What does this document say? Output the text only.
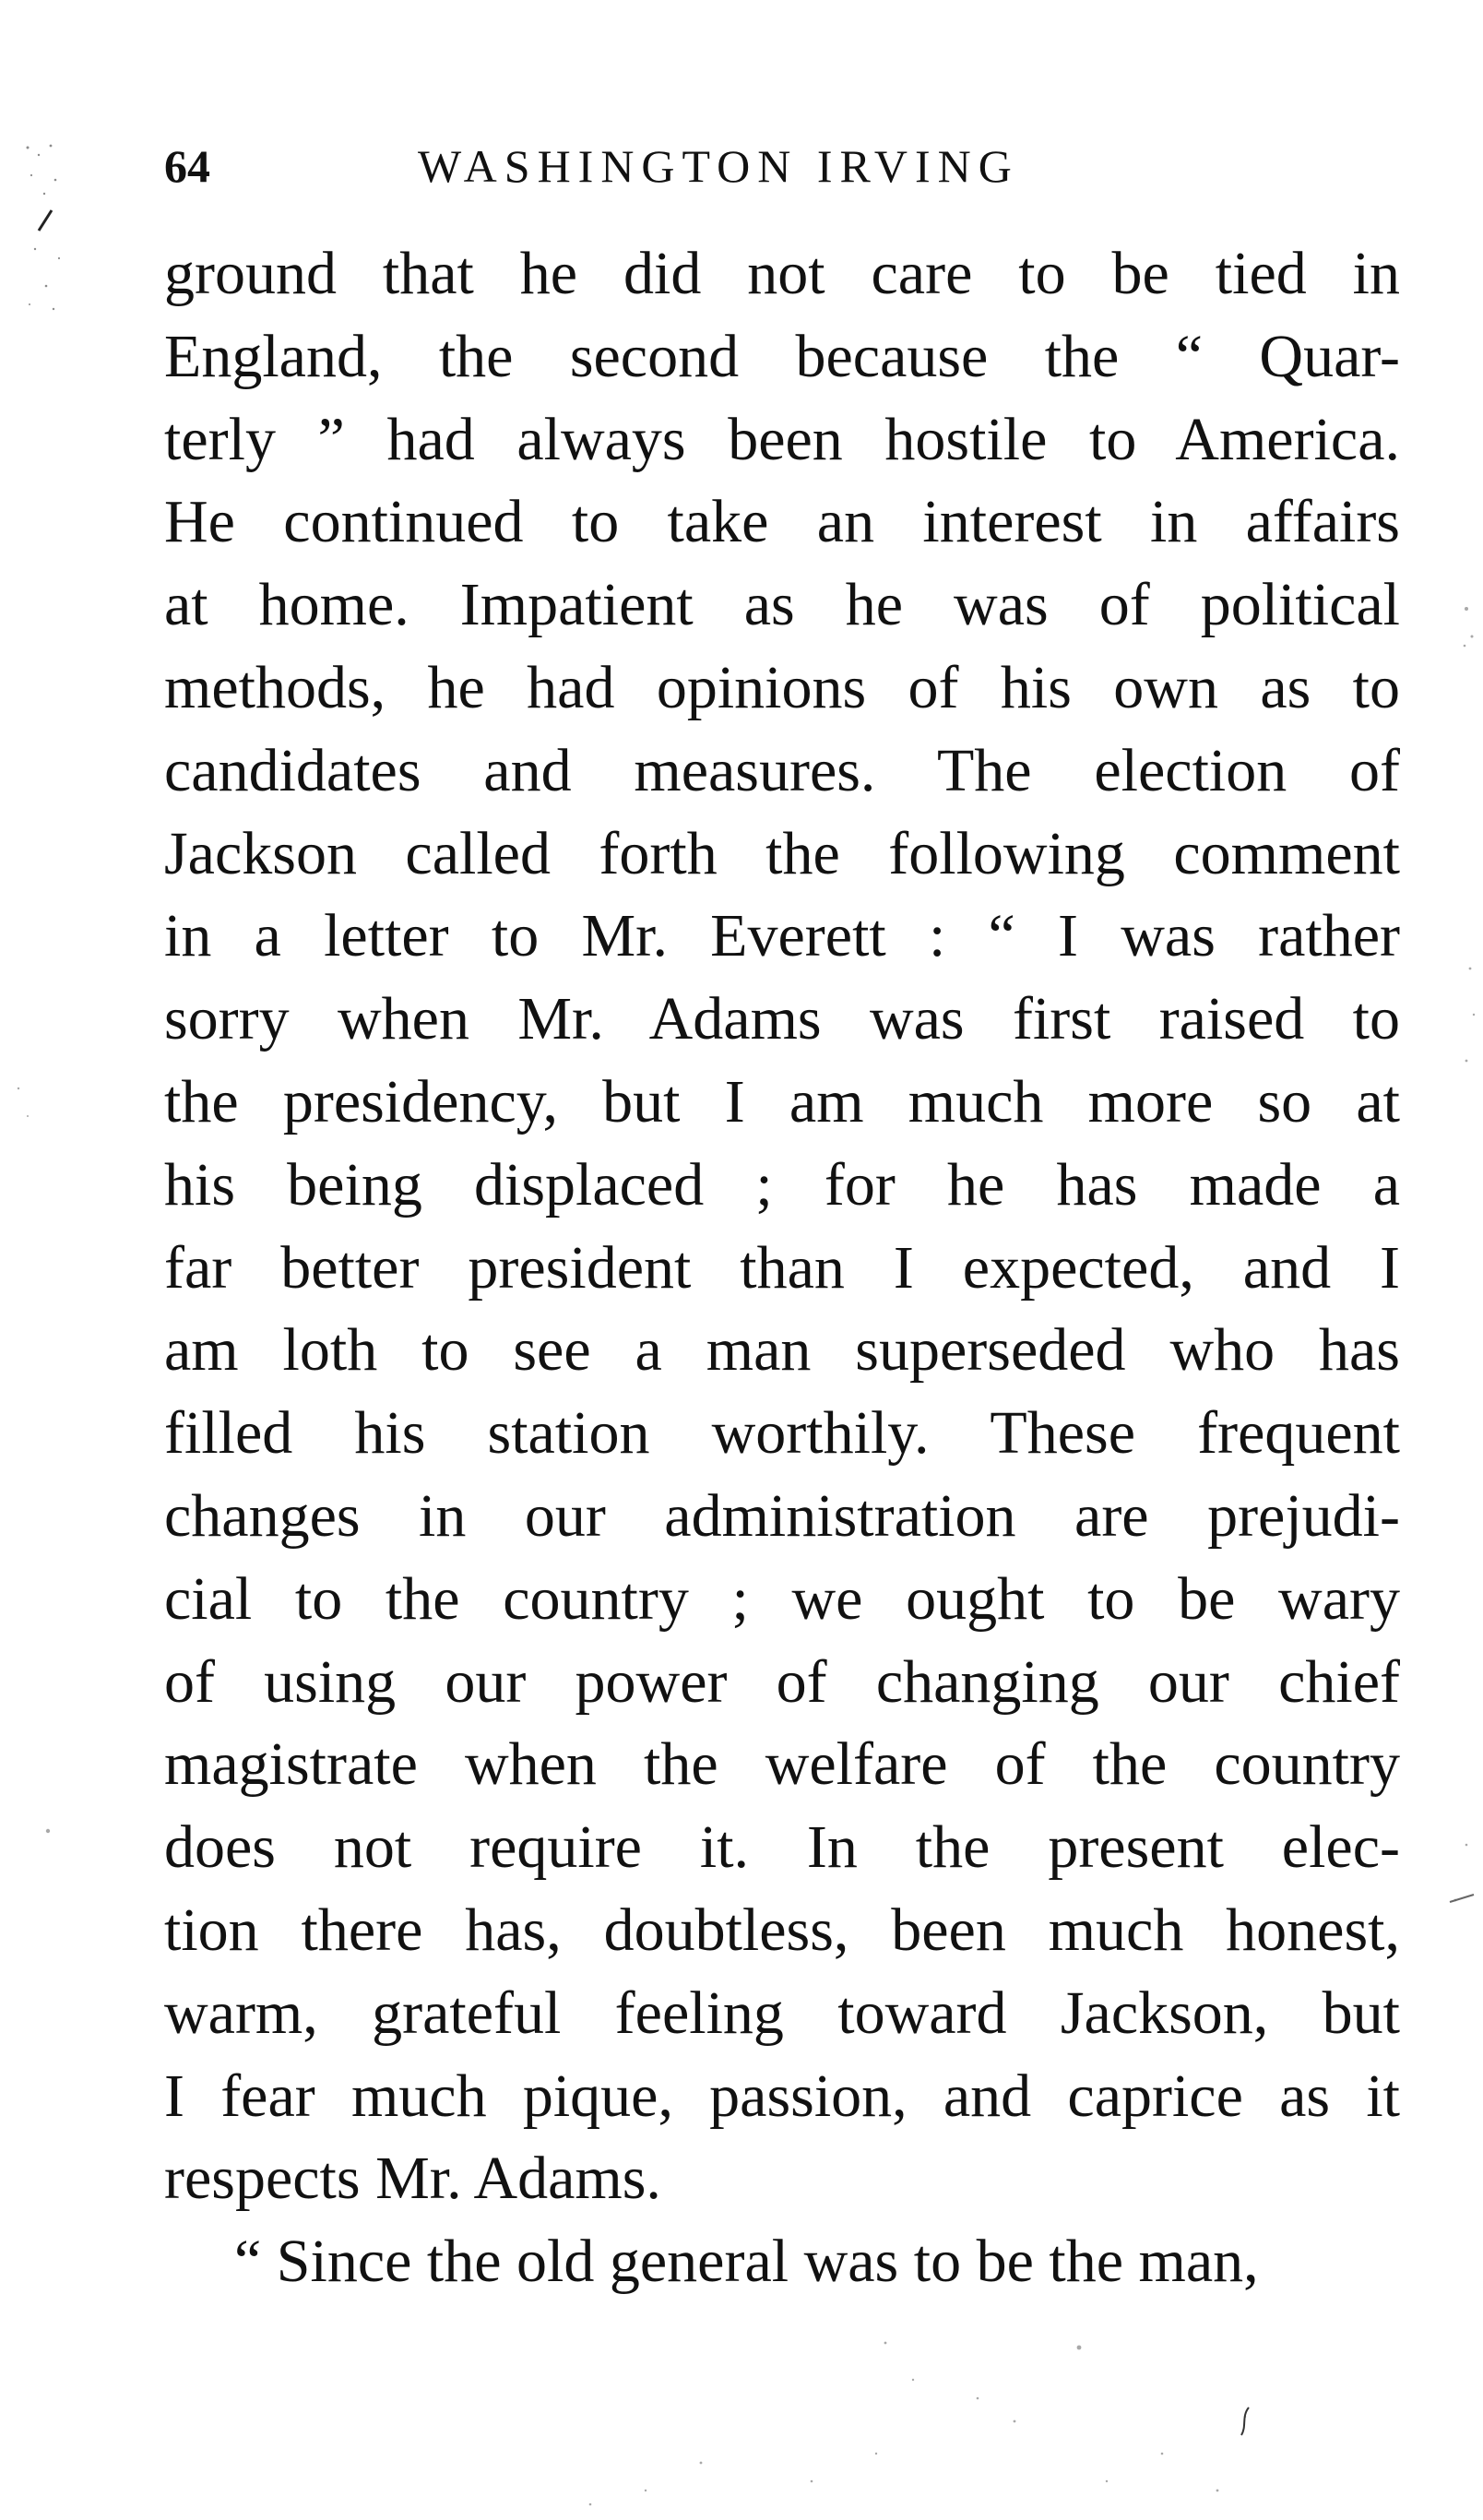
64	WASHINGTON IRVING
ground that he did not care to be tied in
England, the second because the “ Quar-
terly ” had always been hostile to America.
He continued to take an interest in affairs
at home. Impatient as he was of political
methods, he had opinions of his own as to
candidates and measures. The election of
Jackson called forth the following comment
in a letter to Mr. Everett : “ I was rather
sorry when Mr. Adams was first raised to
the presidency, but I am much more so at
his being displaced ; for he has made a
far better president than I expected, and I
am loth to see a man superseded who has
filled his station worthily. These frequent
changes in our administration are prejudi-
cial to the country ; we ought to be wary
of using our power of changing our chief
magistrate when the welfare of the country
does not require it. In the present elec-
tion there has, doubtless, been much honest,
warm, grateful feeling toward Jackson, but
I fear much pique, passion, and caprice as it
respects Mr. Adams.
“ Since the old general was to be the man,
